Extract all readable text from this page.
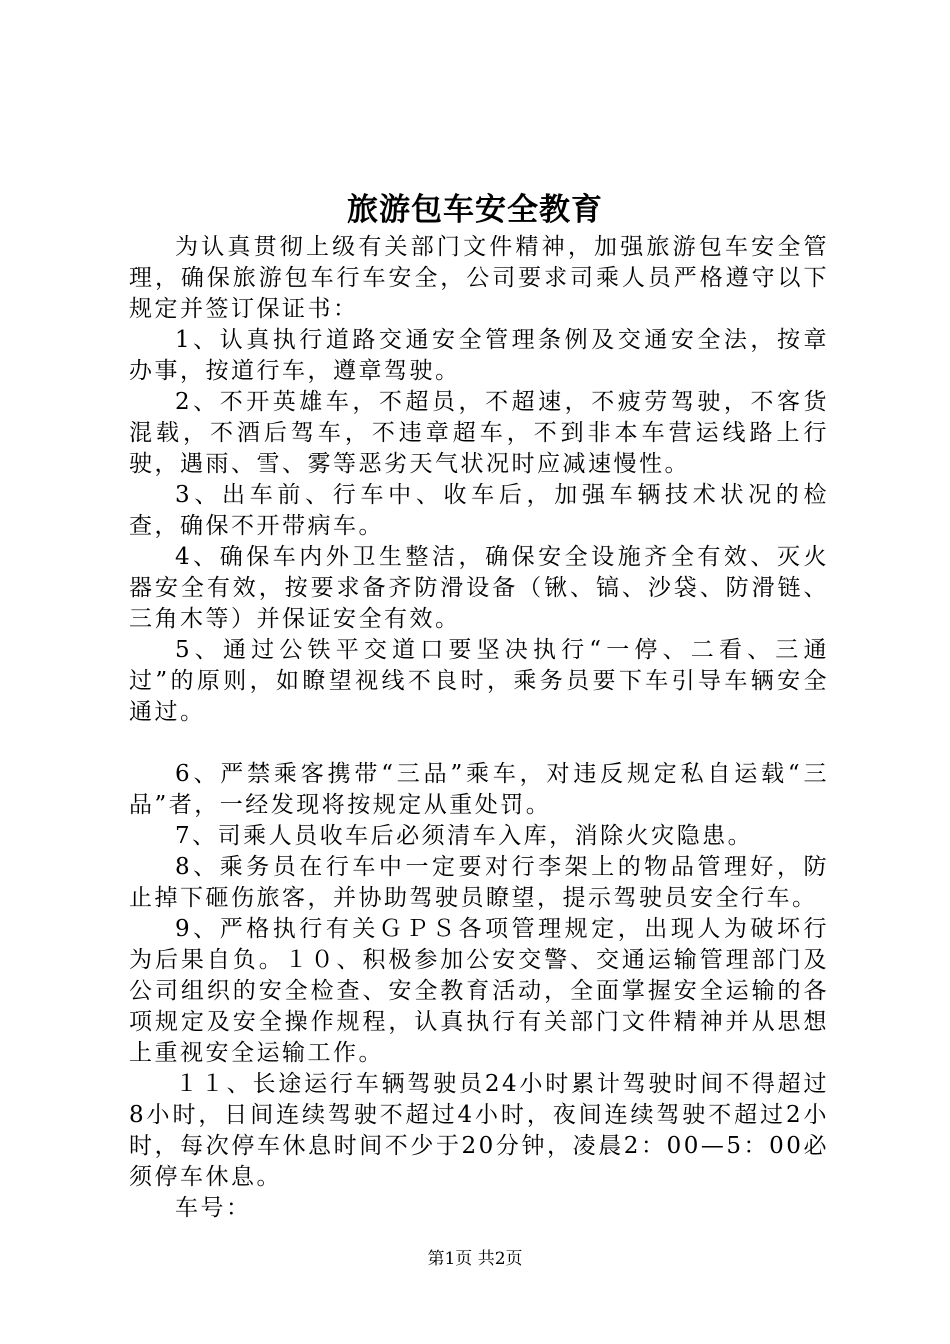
旅游包车安全教育

为认真贯彻上级有关部门文件精神，加强旅游包车安全管理，确保旅游包车行车安全，公司要求司乘人员严格遵守以下规定并签订保证书：

1、认真执行道路交通安全管理条例及交通安全法，按章办事，按道行车，遵章驾驶。

2、不开英雄车，不超员，不超速，不疲劳驾驶，不客货混载，不酒后驾车，不违章超车，不到非本车营运线路上行驶，遇雨、雪、雾等恶劣天气状况时应减速慢性。

3、出车前、行车中、收车后，加强车辆技术状况的检查，确保不开带病车。

4、确保车内外卫生整洁，确保安全设施齐全有效、灭火器安全有效，按要求备齐防滑设备（锹、镐、沙袋、防滑链、三角木等）并保证安全有效。

5、通过公铁平交道口要坚决执行“一停、二看、三通过”的原则，如瞭望视线不良时，乘务员要下车引导车辆安全通过。

6、严禁乘客携带“三品”乘车，对违反规定私自运载“三品”者，一经发现将按规定从重处罚。

7、司乘人员收车后必须清车入库，消除火灾隐患。

8、乘务员在行车中一定要对行李架上的物品管理好，防止掉下砸伤旅客，并协助驾驶员瞭望，提示驾驶员安全行车。

9、严格执行有关ＧＰＳ各项管理规定，出现人为破坏行为后果自负。１０、积极参加公安交警、交通运输管理部门及公司组织的安全检查、安全教育活动，全面掌握安全运输的各项规定及安全操作规程，认真执行有关部门文件精神并从思想上重视安全运输工作。

１１、长途运行车辆驾驶员24小时累计驾驶时间不得超过8小时，日间连续驾驶不超过4小时，夜间连续驾驶不超过2小时，每次停车休息时间不少于20分钟，凌晨2：00—5：00必须停车休息。

车号：

第1页 共2页
